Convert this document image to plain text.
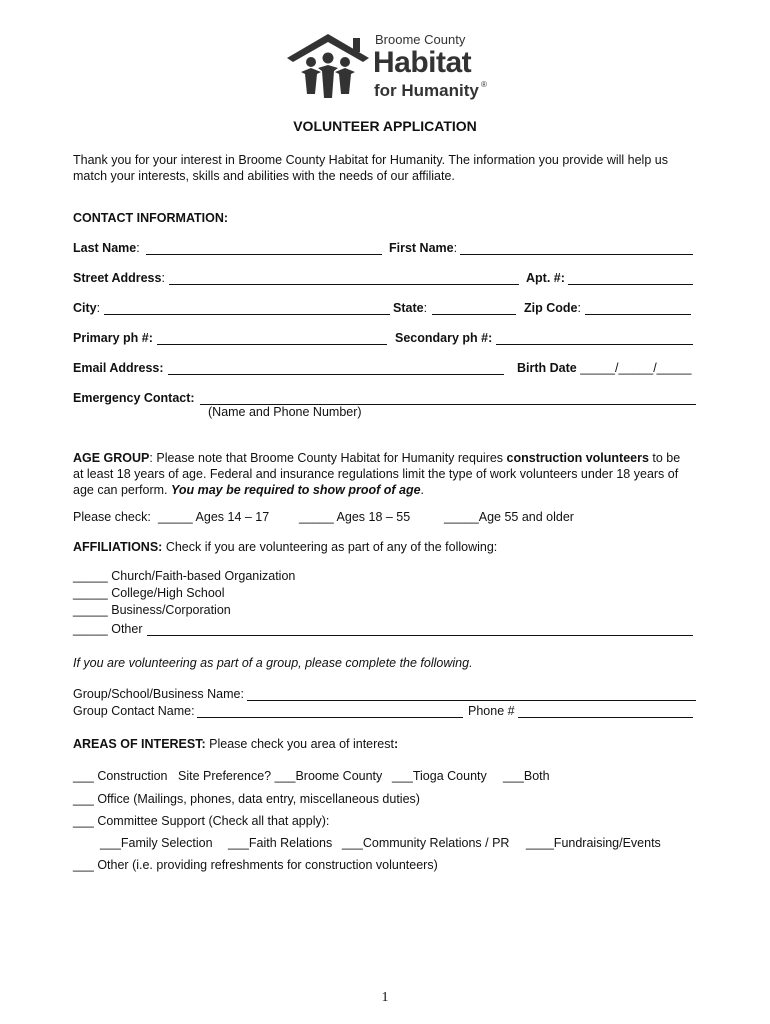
Broome County
Habitat
for Humanity ®
VOLUNTEER APPLICATION
Thank you for your interest in Broome County Habitat for Humanity. The information you provide will help us match your interests, skills and abilities with the needs of our affiliate.
CONTACT INFORMATION:
Last Name:	First Name:
Street Address:	Apt. #:
City:	State:	Zip Code:
Primary ph #:	Secondary ph #:
Email Address:	Birth Date _____/_____/_____
Emergency Contact:
(Name and Phone Number)
AGE GROUP: Please note that Broome County Habitat for Humanity requires construction volunteers to be at least 18 years of age. Federal and insurance regulations limit the type of work volunteers under 18 years of age can perform. You may be required to show proof of age.
Please check: _____ Ages 14 – 17 _____ Ages 18 – 55	_____Age 55 and older
AFFILIATIONS: Check if you are volunteering as part of any of the following:
_____ Church/Faith-based Organization
_____ College/High School
_____ Business/Corporation
_____ Other
If you are volunteering as part of a group, please complete the following.
Group/School/Business Name:
Group Contact Name:	Phone #
AREAS OF INTEREST: Please check you area of interest:
___ Construction Site Preference? ___Broome County ___Tioga County ___Both
___ Office (Mailings, phones, data entry, miscellaneous duties)
___ Committee Support (Check all that apply):
___Family Selection ___Faith Relations ___Community Relations / PR ____Fundraising/Events
___ Other (i.e. providing refreshments for construction volunteers)
1
